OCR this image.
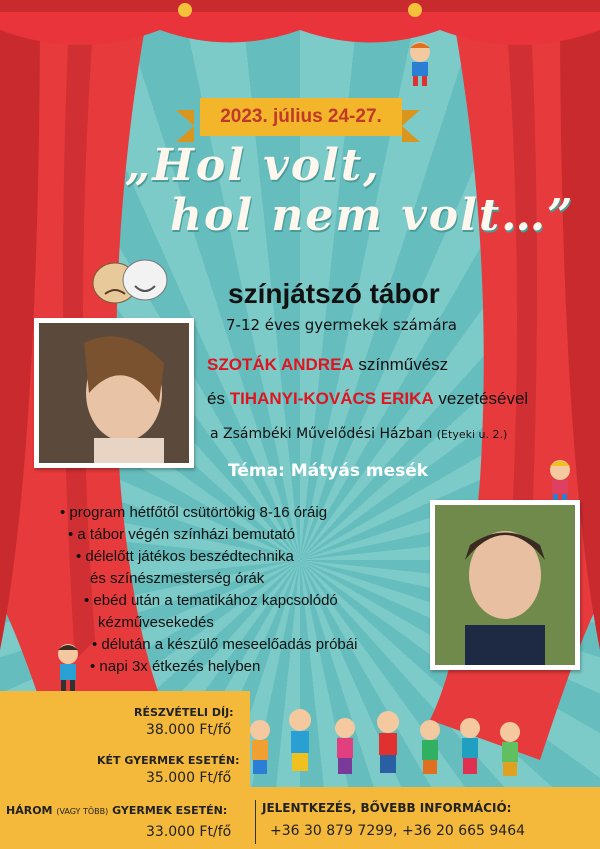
2023. július 24-27.
„Hol volt,
hol nem volt…”
színjátszó tábor
7-12 éves gyermekek számára
SZOTÁK ANDREA színművész
és TIHANYI-KOVÁCS ERIKA vezetésével
a Zsámbéki Művelődési Házban (Etyeki u. 2.)
Téma: Mátyás mesék
• program hétfőtől csütörtökig 8-16 óráig
• a tábor végén színházi bemutató
• délelőtt játékos beszédtechnika
és színészmesterség órák
• ebéd után a tematikához kapcsolódó
kézművesekedés
• délután a készülő meseelőadás próbái
• napi 3x étkezés helyben
RÉSZVÉTELI DÍJ:
38.000 Ft/fő
KÉT GYERMEK ESETÉN:
35.000 Ft/fő
HÁROM (VAGY TÖBB) GYERMEK ESETÉN:
33.000 Ft/fő
JELENTKEZÉS, BŐVEBB INFORMÁCIÓ:
+36 30 879 7299, +36 20 665 9464
